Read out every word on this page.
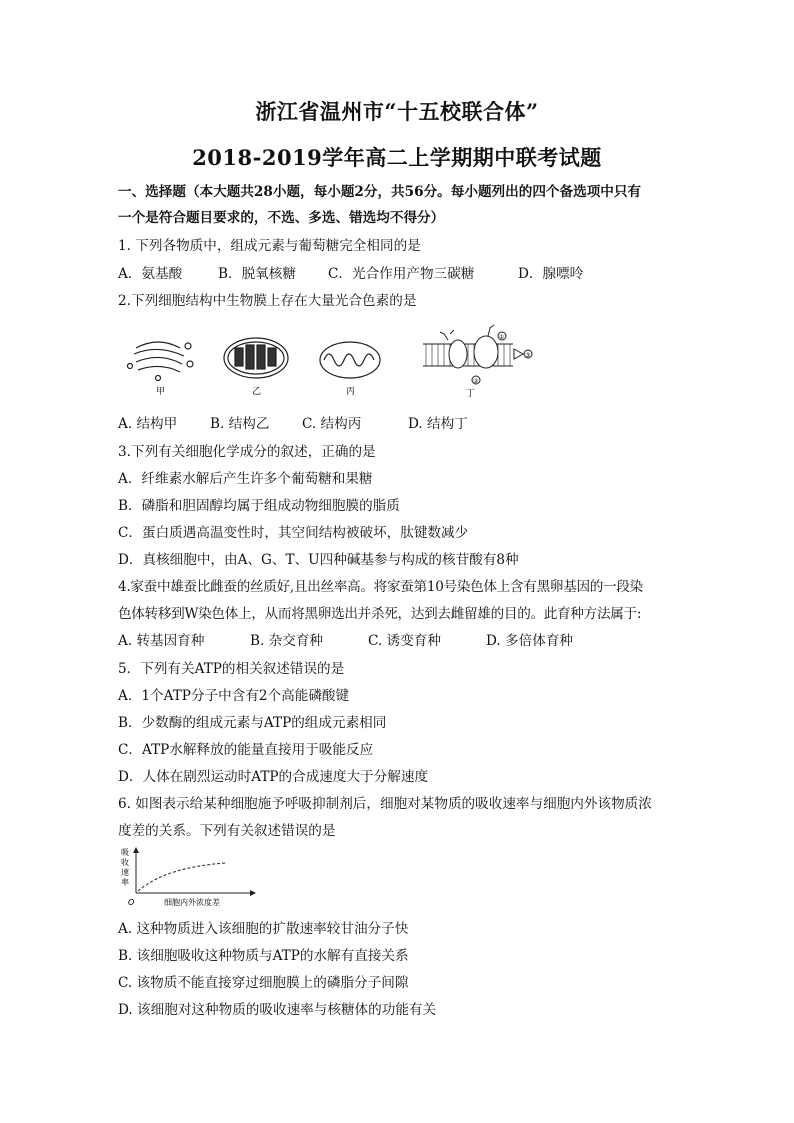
浙江省温州市“十五校联合体”
2018-2019学年高二上学期期中联考试题
一、选择题（本大题共28小题，每小题2分，共56分。每小题列出的四个备选项中只有
一个是符合题目要求的，不选、多选、错选均不得分）
1. 下列各物质中，组成元素与葡萄糖完全相同的是
A．氨基酸	B．脱氧核糖 C．光合作用产物三碳糖	D．腺嘌呤
2.下列细胞结构中生物膜上存在大量光合色素的是
甲	乙	丙
①
②
③
丁
A. 结构甲 B. 结构乙 C. 结构丙	D. 结构丁
3.下列有关细胞化学成分的叙述，正确的是
A．纤维素水解后产生许多个葡萄糖和果糖
B．磷脂和胆固醇均属于组成动物细胞膜的脂质
C．蛋白质遇高温变性时，其空间结构被破坏，肽键数减少
D．真核细胞中，由A、G、T、U四种碱基参与构成的核苷酸有8种
4.家蚕中雄蚕比雌蚕的丝质好,且出丝率高。将家蚕第10号染色体上含有黑卵基因的一段染
色体转移到W染色体上，从而将黑卵选出并杀死，达到去雌留雄的目的。此育种方法属于:
A. 转基因育种	B. 杂交育种	C. 诱变育种	D. 多倍体育种
5．下列有关ATP的相关叙述错误的是
A．1个ATP分子中含有2个高能磷酸键
B．少数酶的组成元素与ATP的组成元素相同
C．ATP水解释放的能量直接用于吸能反应
D．人体在剧烈运动时ATP的合成速度大于分解速度
6. 如图表示给某种细胞施予呼吸抑制剂后，细胞对某物质的吸收速率与细胞内外该物质浓
度差的关系。下列有关叙述错误的是
吸
收
速
率
O	细胞内外浓度差
A. 这种物质进入该细胞的扩散速率较甘油分子快
B. 该细胞吸收这种物质与ATP的水解有直接关系
C. 该物质不能直接穿过细胞膜上的磷脂分子间隙
D. 该细胞对这种物质的吸收速率与核糖体的功能有关
